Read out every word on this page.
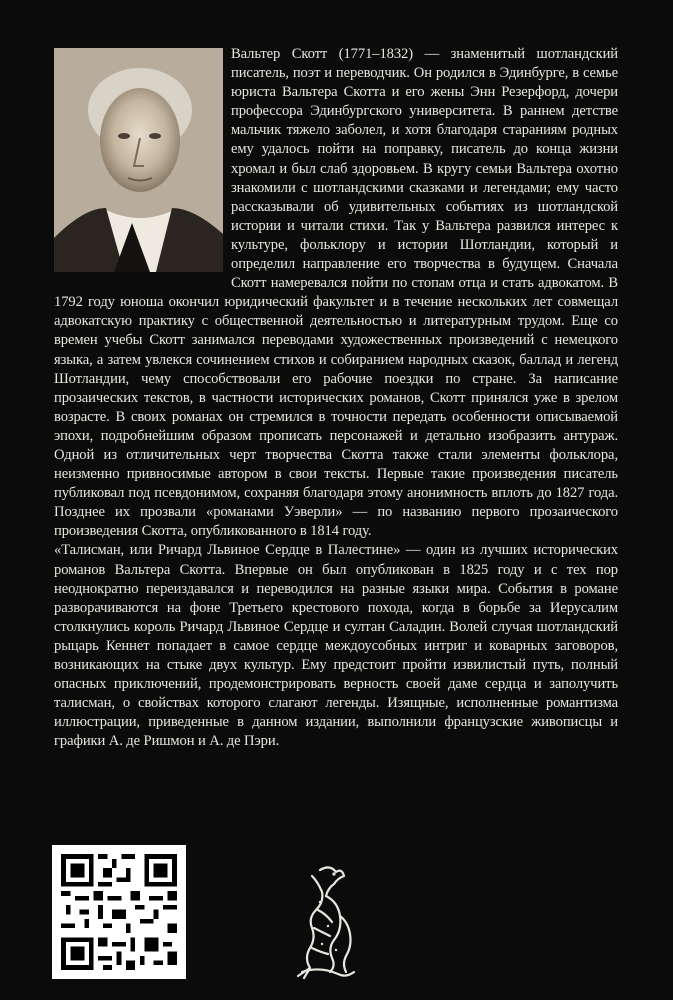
Вальтер Скотт (1771–1832) — знаменитый шотландский писатель, поэт и переводчик. Он родился в Эдинбурге, в семье юриста Вальтера Скотта и его жены Энн Резерфорд, дочери профессора Эдинбургского университета. В раннем детстве мальчик тяжело заболел, и хотя благодаря стараниям родных ему удалось пойти на поправку, писатель до конца жизни хромал и был слаб здоровьем. В кругу семьи Вальтера охотно знакомили с шотландскими сказками и легендами; ему часто рассказывали об удивительных событиях из шотландской истории и читали стихи. Так у Вальтера развился интерес к культуре, фольклору и истории Шотландии, который и определил направление его творчества в будущем. Сначала Скотт намеревался пойти по стопам отца и стать адвокатом. В 1792 году юноша окончил юридический факультет и в течение нескольких лет совмещал адвокатскую практику с общественной деятельностью и литературным трудом. Еще со времен учебы Скотт занимался переводами художественных произведений с немецкого языка, а затем увлекся сочинением стихов и собиранием народных сказок, баллад и легенд Шотландии, чему способствовали его рабочие поездки по стране. За написание прозаических текстов, в частности исторических романов, Скотт принялся уже в зрелом возрасте. В своих романах он стремился в точности передать особенности описываемой эпохи, подробнейшим образом прописать персонажей и детально изобразить антураж. Одной из отличительных черт творчества Скотта также стали элементы фольклора, неизменно привносимые автором в свои тексты. Первые такие произведения писатель публиковал под псевдонимом, сохраняя благодаря этому анонимность вплоть до 1827 года. Позднее их прозвали «романами Уэверли» — по названию первого прозаического произведения Скотта, опубликованного в 1814 году.

«Талисман, или Ричард Львиное Сердце в Палестине» — один из лучших исторических романов Вальтера Скотта. Впервые он был опубликован в 1825 году и с тех пор неоднократно переиздавался и переводился на разные языки мира. События в романе разворачиваются на фоне Третьего крестового похода, когда в борьбе за Иерусалим столкнулись король Ричард Львиное Сердце и султан Саладин. Волей случая шотландский рыцарь Кеннет попадает в самое сердце междоусобных интриг и коварных заговоров, возникающих на стыке двух культур. Ему предстоит пройти извилистый путь, полный опасных приключений, продемонстрировать верность своей даме сердца и заполучить талисман, о свойствах которого слагают легенды. Изящные, исполненные романтизма иллюстрации, приведенные в данном издании, выполнили французские живописцы и графики А. де Ришмон и А. де Пэри.
